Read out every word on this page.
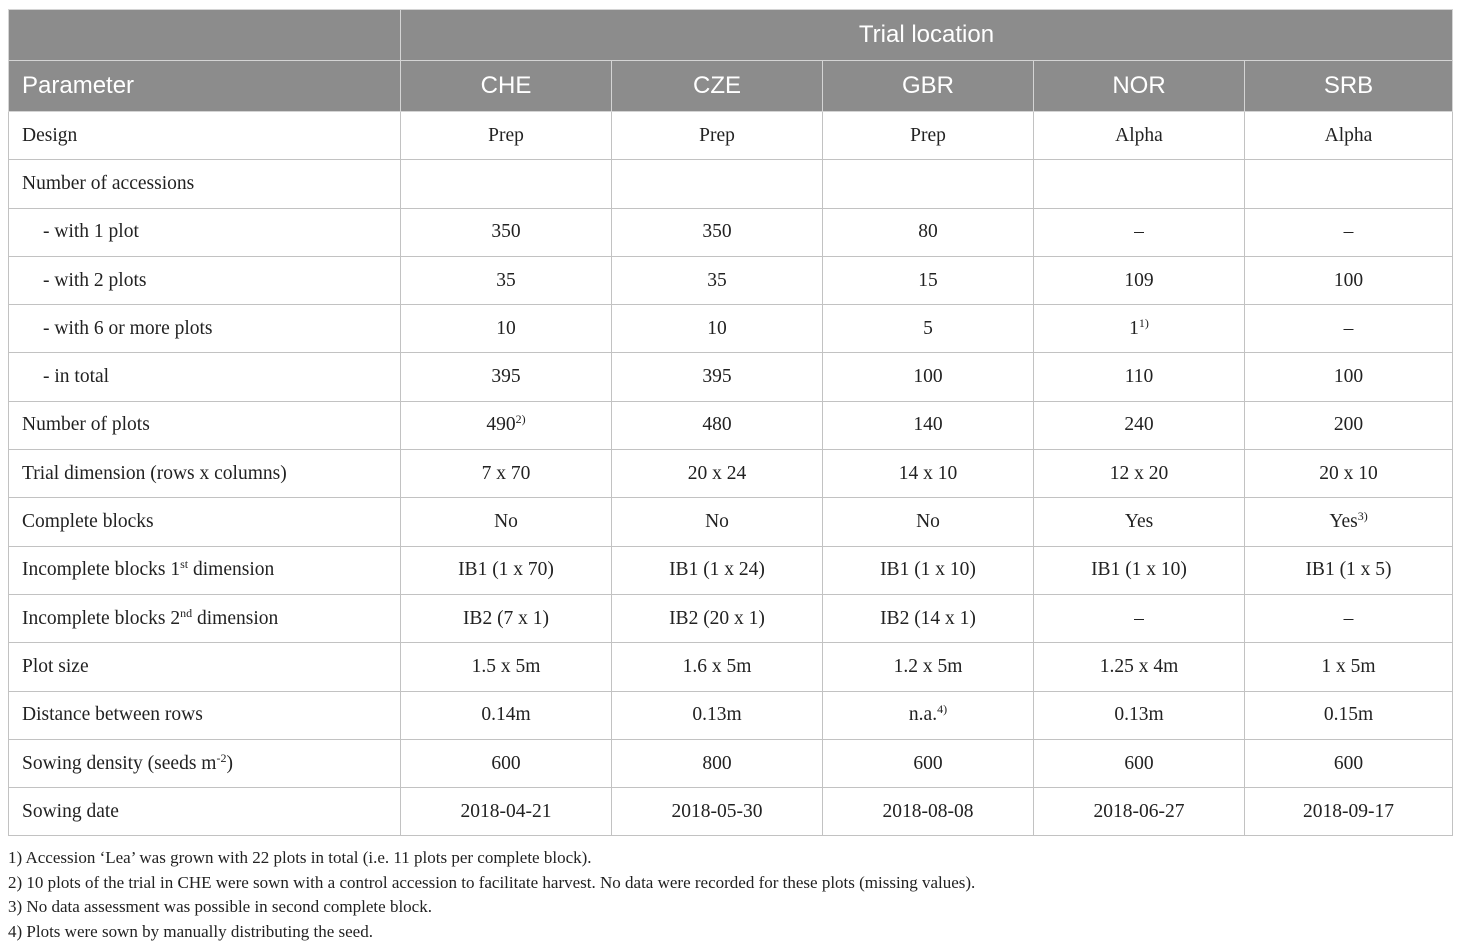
	Trial location				
Parameter	CHE	CZE	GBR	NOR	SRB
Design	Prep	Prep	Prep	Alpha	Alpha
Number of accessions					
- with 1 plot	350	350	80	–	–
- with 2 plots	35	35	15	109	100
- with 6 or more plots	10	10	5	1$^{1)}$	–
- in total	395	395	100	110	100
Number of plots	490$^{2)}$	480	140	240	200
Trial dimension (rows x columns)	7 x 70	20 x 24	14 x 10	12 x 20	20 x 10
Complete blocks	No	No	No	Yes	Yes$^{3)}$
Incomplete blocks 1st dimension	IB1 (1 x 70)	IB1 (1 x 24)	IB1 (1 x 10)	IB1 (1 x 10)	IB1 (1 x 5)
Incomplete blocks 2nd dimension	IB2 (7 x 1)	IB2 (20 x 1)	IB2 (14 x 1)	–	–
Plot size	1.5 x 5m	1.6 x 5m	1.2 x 5m	1.25 x 4m	1 x 5m
Distance between rows	0.14m	0.13m	n.a.$^{4)}$	0.13m	0.15m
Sowing density (seeds $m^{-2}$)	600	800	600	600	600
Sowing date	2018-04-21	2018-05-30	2018-08-08	2018-06-27	2018-09-17
1) Accession ‘Lea’ was grown with 22 plots in total (i.e. 11 plots per complete block).
2) 10 plots of the trial in CHE were sown with a control accession to facilitate harvest. No data were recorded for these plots (missing values).
3) No data assessment was possible in second complete block.
4) Plots were sown by manually distributing the seed.
